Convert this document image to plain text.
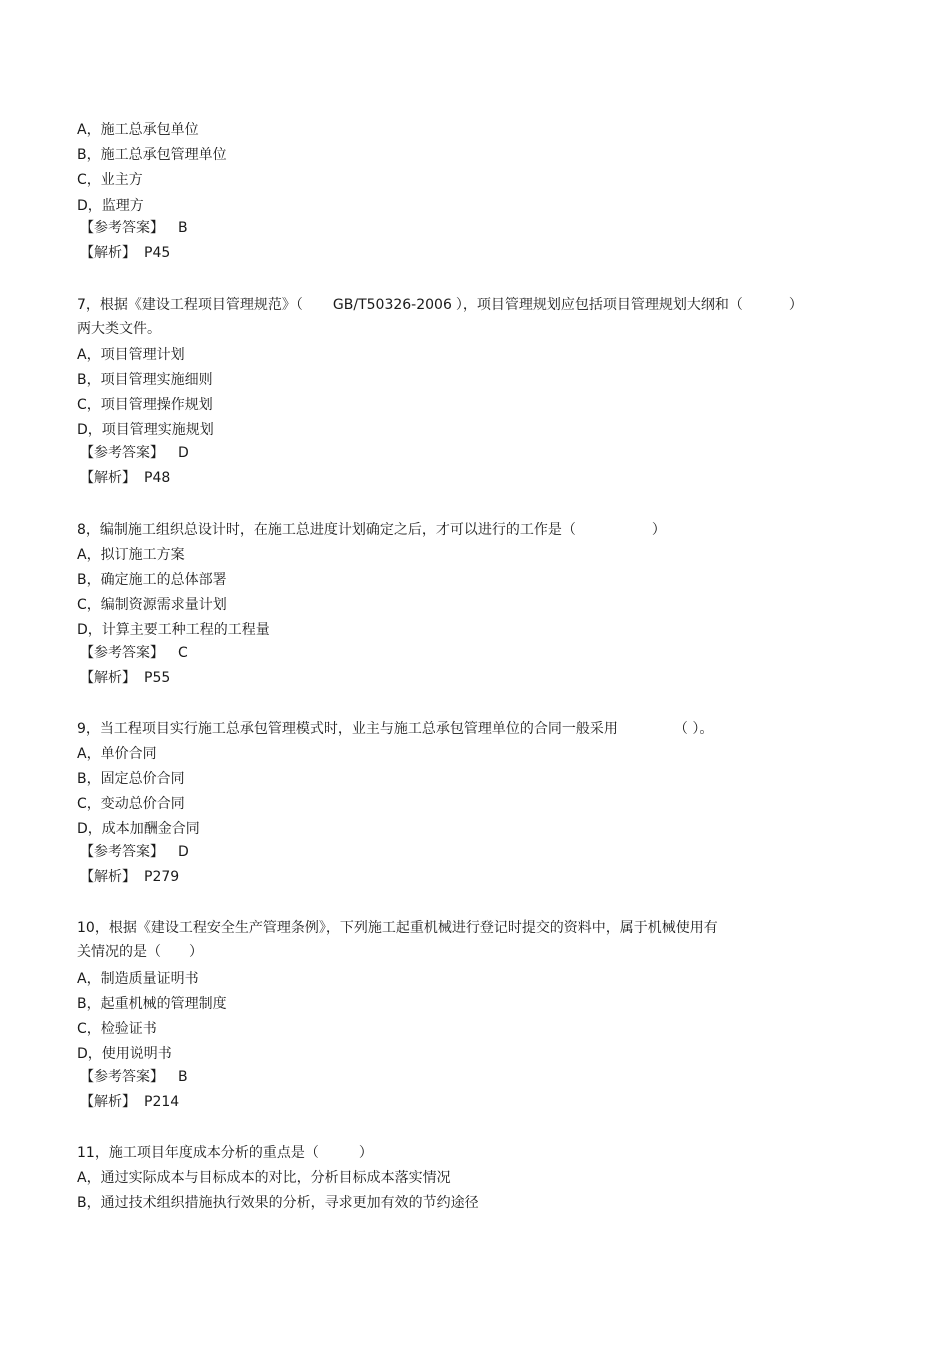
A，施工总承包单位
B，施工总承包管理单位
C，业主方
D，监理方
【参考答案】 B
【解析】 P45
7，根据《建设工程项目管理规范》（ GB/T50326-2006 ），项目管理规划应包括项目管理规划大纲和（	）
两大类文件。
A，项目管理计划
B，项目管理实施细则
C，项目管理操作规划
D，项目管理实施规划
【参考答案】 D
【解析】 P48
8，编制施工组织总设计时，在施工总进度计划确定之后，才可以进行的工作是（	）
A，拟订施工方案
B，确定施工的总体部署
C，编制资源需求量计划
D，计算主要工种工程的工程量
【参考答案】 C
【解析】 P55
9，当工程项目实行施工总承包管理模式时，业主与施工总承包管理单位的合同一般采用	（ ）。
A，单价合同
B，固定总价合同
C，变动总价合同
D，成本加酬金合同
【参考答案】 D
【解析】 P279
10，根据《建设工程安全生产管理条例》，下列施工起重机械进行登记时提交的资料中，属于机械使用有
关情况的是（　　）
A，制造质量证明书
B，起重机械的管理制度
C，检验证书
D，使用说明书
【参考答案】 B
【解析】 P214
11，施工项目年度成本分析的重点是（	）
A，通过实际成本与目标成本的对比，分析目标成本落实情况
B，通过技术组织措施执行效果的分析，寻求更加有效的节约途径
